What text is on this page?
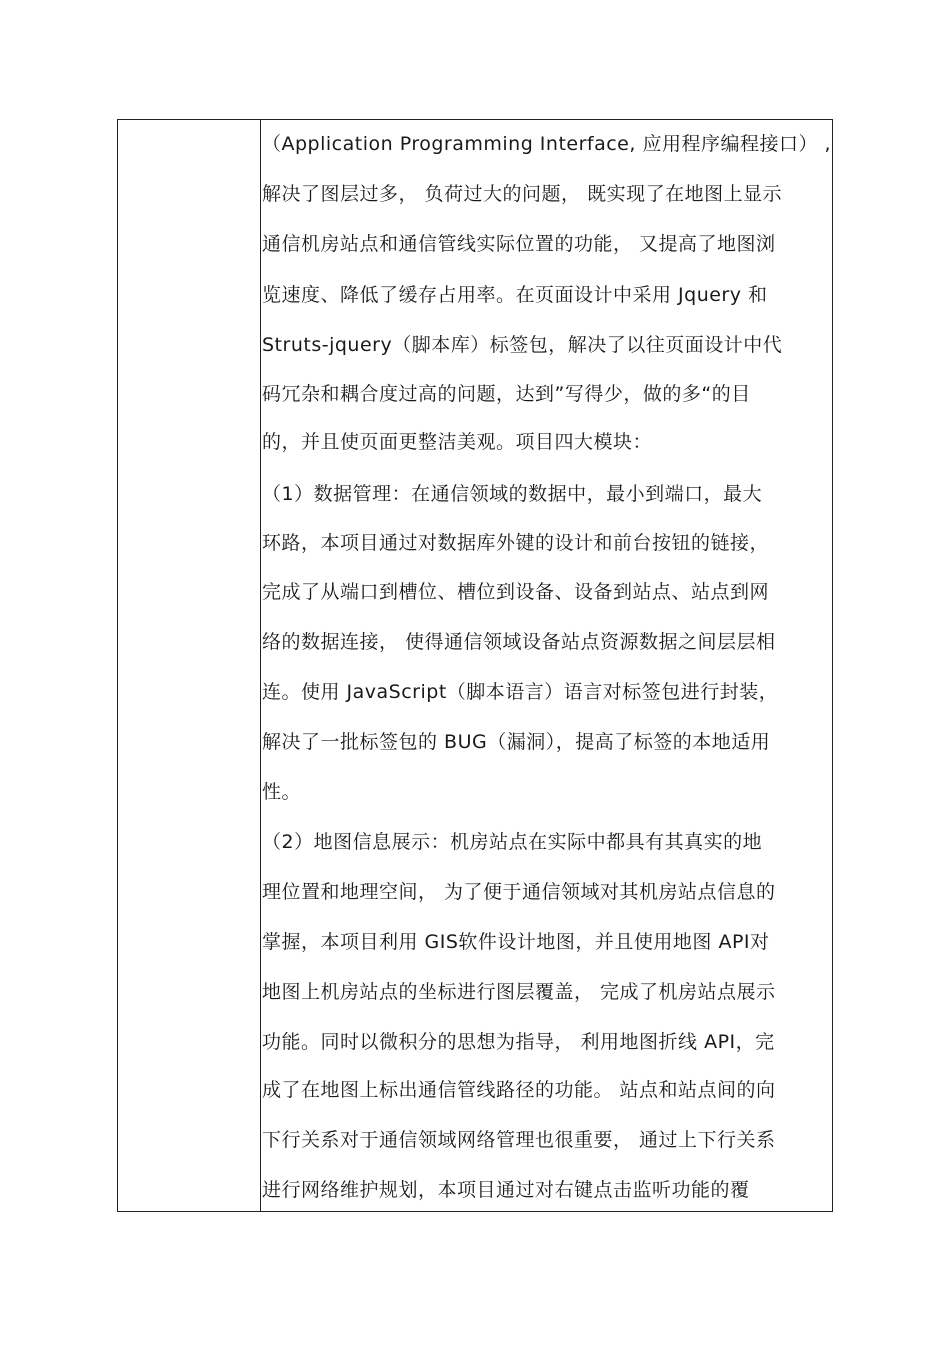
（Application Programming Interface, 应用程序编程接口） ,
解决了图层过多， 负荷过大的问题， 既实现了在地图上显示
通信机房站点和通信管线实际位置的功能， 又提高了地图浏
览速度、降低了缓存占用率。在页面设计中采用 Jquery 和
Struts-jquery（脚本库）标签包，解决了以往页面设计中代
码冗杂和耦合度过高的问题，达到”写得少，做的多“的目
的，并且使页面更整洁美观。项目四大模块：
（1）数据管理：在通信领域的数据中，最小到端口，最大
环路，本项目通过对数据库外键的设计和前台按钮的链接，
完成了从端口到槽位、槽位到设备、设备到站点、站点到网
络的数据连接， 使得通信领域设备站点资源数据之间层层相
连。使用 JavaScript（脚本语言）语言对标签包进行封装，
解决了一批标签包的 BUG（漏洞），提高了标签的本地适用
性。
（2）地图信息展示：机房站点在实际中都具有其真实的地
理位置和地理空间， 为了便于通信领域对其机房站点信息的
掌握，本项目利用 GIS软件设计地图，并且使用地图 API对
地图上机房站点的坐标进行图层覆盖， 完成了机房站点展示
功能。同时以微积分的思想为指导， 利用地图折线 API，完
成了在地图上标出通信管线路径的功能。 站点和站点间的向
下行关系对于通信领域网络管理也很重要， 通过上下行关系
进行网络维护规划，本项目通过对右键点击监听功能的覆
